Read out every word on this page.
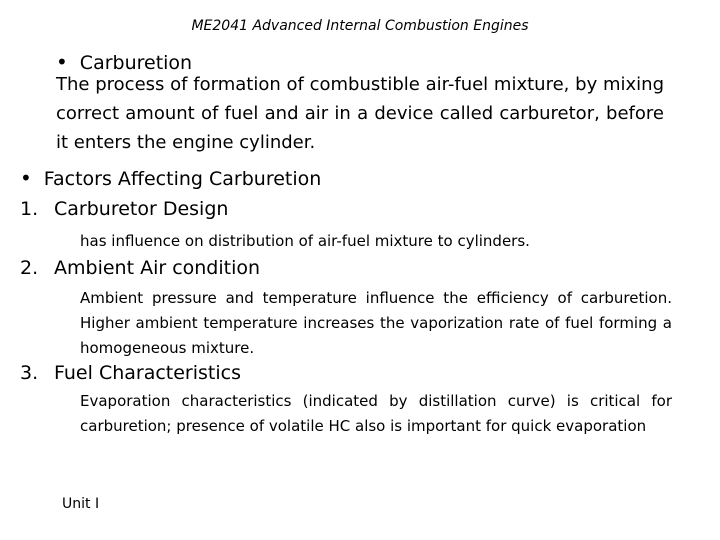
ME2041 Advanced Internal Combustion Engines
• Carburetion
The process of formation of combustible air-fuel mixture, by mixing correct amount of fuel and air in a device called carburetor, before it enters the engine cylinder.
• Factors Affecting Carburetion
1. Carburetor Design
has influence on distribution of air-fuel mixture to cylinders.
2. Ambient Air condition
Ambient pressure and temperature influence the efficiency of carburetion. Higher ambient temperature increases the vaporization rate of fuel forming a homogeneous mixture.
3. Fuel Characteristics
Evaporation characteristics (indicated by distillation curve) is critical for carburetion; presence of volatile HC also is important for quick evaporation
Unit I
